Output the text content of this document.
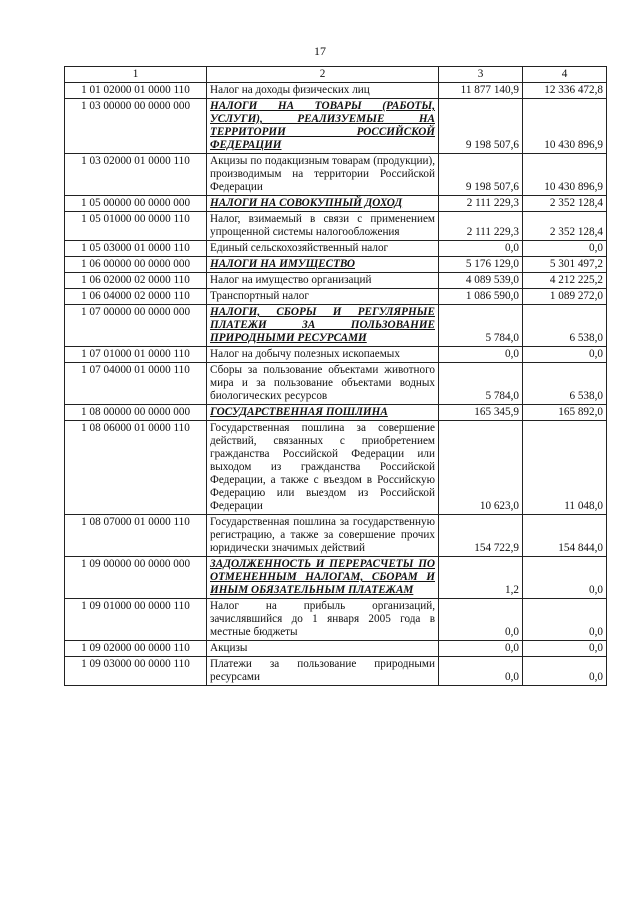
17
1	2	3	4
1 01 02000 01 0000 110	Налог на доходы физических лиц	11 877 140,9	12 336 472,8
1 03 00000 00 0000 000	НАЛОГИ НА ТОВАРЫ (РАБОТЫ, УСЛУГИ), РЕАЛИЗУЕМЫЕ НА ТЕРРИТОРИИ РОССИЙСКОЙ ФЕДЕРАЦИИ	9 198 507,6	10 430 896,9
1 03 02000 01 0000 110	Акцизы по подакцизным товарам (продукции), производимым на территории Российской Федерации	9 198 507,6	10 430 896,9
1 05 00000 00 0000 000	НАЛОГИ НА СОВОКУПНЫЙ ДОХОД	2 111 229,3	2 352 128,4
1 05 01000 00 0000 110	Налог, взимаемый в связи с применением упрощенной системы налогообложения	2 111 229,3	2 352 128,4
1 05 03000 01 0000 110	Единый сельскохозяйственный налог	0,0	0,0
1 06 00000 00 0000 000	НАЛОГИ НА ИМУЩЕСТВО	5 176 129,0	5 301 497,2
1 06 02000 02 0000 110	Налог на имущество организаций	4 089 539,0	4 212 225,2
1 06 04000 02 0000 110	Транспортный налог	1 086 590,0	1 089 272,0
1 07 00000 00 0000 000	НАЛОГИ, СБОРЫ И РЕГУЛЯРНЫЕ ПЛАТЕЖИ ЗА ПОЛЬЗОВАНИЕ ПРИРОДНЫМИ РЕСУРСАМИ	5 784,0	6 538,0
1 07 01000 01 0000 110	Налог на добычу полезных ископаемых	0,0	0,0
1 07 04000 01 0000 110	Сборы за пользование объектами животного мира и за пользование объектами водных биологических ресурсов	5 784,0	6 538,0
1 08 00000 00 0000 000	ГОСУДАРСТВЕННАЯ ПОШЛИНА	165 345,9	165 892,0
1 08 06000 01 0000 110	Государственная пошлина за совершение действий, связанных с приобретением гражданства Российской Федерации или выходом из гражданства Российской Федерации, а также с въездом в Российскую Федерацию или выездом из Российской Федерации	10 623,0	11 048,0
1 08 07000 01 0000 110	Государственная пошлина за государственную регистрацию, а также за совершение прочих юридически значимых действий	154 722,9	154 844,0
1 09 00000 00 0000 000	ЗАДОЛЖЕННОСТЬ И ПЕРЕРАСЧЕТЫ ПО ОТМЕНЕННЫМ НАЛОГАМ, СБОРАМ И ИНЫМ ОБЯЗАТЕЛЬНЫМ ПЛАТЕЖАМ	1,2	0,0
1 09 01000 00 0000 110	Налог на прибыль организаций, зачислявшийся до 1 января 2005 года в местные бюджеты	0,0	0,0
1 09 02000 00 0000 110	Акцизы	0,0	0,0
1 09 03000 00 0000 110	Платежи за пользование природными ресурсами	0,0	0,0
